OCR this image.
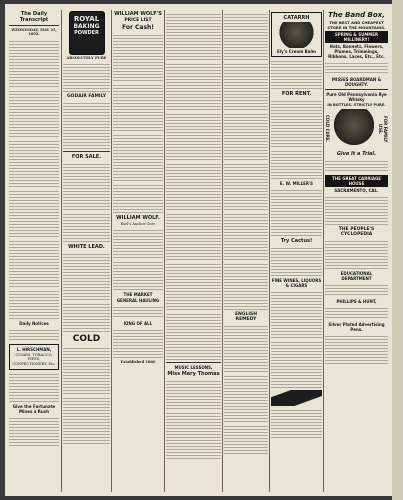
The Daily Transcript
WEDNESDAY, MAY 25, 1892.
Daily Notices
L. HIRSCHMAN,
CIGARS, TOBACCO, PIPES, CONFECTIONERY, Etc.
Give the Fortunate Mines a Rush
ROYAL
BAKING
POWDER
ABSOLUTELY PURE
GODAIR FAMILY
FOR SALE.
WHITE LEAD.
COLD
WILLIAM WOLF'S
PRICE LIST
For Cash!
WILLIAM WOLF.
Earl's Anchor Cure
THE MARKET
GENERAL HAULING
KING OF ALL
Established 1860
MUSIC LESSONS,
Miss Mary Thomas
ENGLISH REMEDY
CATARRH
Ely's Cream Balm
FOR RENT.
E. W. MILLER'S
Try Cactus!
FINE WINES, LIQUORS & CIGARS
The Band Box,
THE BEST AND CHEAPEST STORE IN THE MOUNTAINS.
SPRING & SUMMER MILLINERY!
Hats, Bonnets, Flowers, Plumes, Trimmings, Ribbons, Laces, Etc., Etc.
MISSES BOARDMAN & DOUGHTY.
Pure Old Pennsylvania Rye Whisky
IN BOTTLES. STRICTLY PURE.
COLD CURE.	FOR FAMILY USE.
Give It a Trial.
THE GREAT CARRIAGE HOUSE
SACRAMENTO, CAL.
THE PEOPLE'S CYCLOPEDIA
EDUCATIONAL DEPARTMENT
PHILLIPS & HUNT,
Silver Plated Advertising Pens.
